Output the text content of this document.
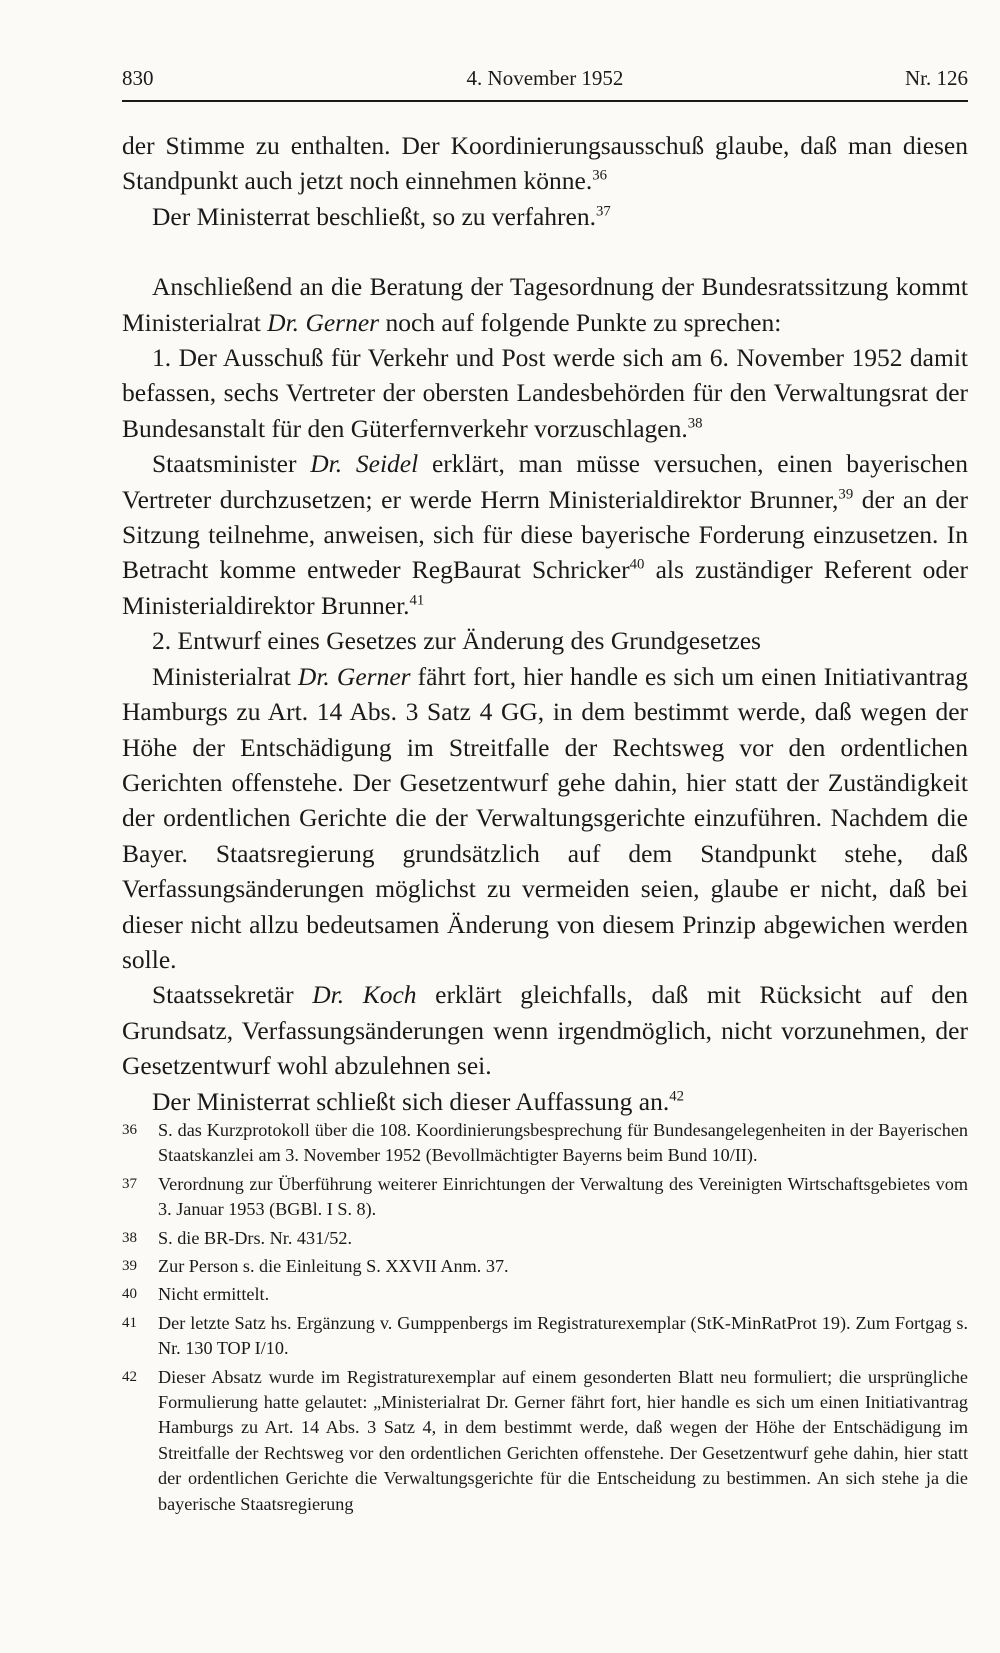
830	4. November 1952	Nr. 126

der Stimme zu enthalten. Der Koordinierungsausschuß glaube, daß man diesen Standpunkt auch jetzt noch einnehmen könne.$^{36}$

Der Ministerrat beschließt, so zu verfahren.$^{37}$

Anschließend an die Beratung der Tagesordnung der Bundesratssitzung kommt Ministerialrat Dr. Gerner noch auf folgende Punkte zu sprechen:

1. Der Ausschuß für Verkehr und Post werde sich am 6. November 1952 damit befassen, sechs Vertreter der obersten Landesbehörden für den Verwaltungsrat der Bundesanstalt für den Güterfernverkehr vorzuschlagen.$^{38}$

Staatsminister Dr. Seidel erklärt, man müsse versuchen, einen bayerischen Vertreter durchzusetzen; er werde Herrn Ministerialdirektor Brunner,$^{39}$ der an der Sitzung teilnehme, anweisen, sich für diese bayerische Forderung einzusetzen. In Betracht komme entweder RegBaurat Schricker$^{40}$ als zuständiger Referent oder Ministerialdirektor Brunner.$^{41}$

2. Entwurf eines Gesetzes zur Änderung des Grundgesetzes

Ministerialrat Dr. Gerner fährt fort, hier handle es sich um einen Initiativantrag Hamburgs zu Art. 14 Abs. 3 Satz 4 GG, in dem bestimmt werde, daß wegen der Höhe der Entschädigung im Streitfalle der Rechtsweg vor den ordentlichen Gerichten offenstehe. Der Gesetzentwurf gehe dahin, hier statt der Zuständigkeit der ordentlichen Gerichte die der Verwaltungsgerichte einzuführen. Nachdem die Bayer. Staatsregierung grundsätzlich auf dem Standpunkt stehe, daß Verfassungsänderungen möglichst zu vermeiden seien, glaube er nicht, daß bei dieser nicht allzu bedeutsamen Änderung von diesem Prinzip abgewichen werden solle.

Staatssekretär Dr. Koch erklärt gleichfalls, daß mit Rücksicht auf den Grundsatz, Verfassungsänderungen wenn irgendmöglich, nicht vorzunehmen, der Gesetzentwurf wohl abzulehnen sei.

Der Ministerrat schließt sich dieser Auffassung an.$^{42}$

36 S. das Kurzprotokoll über die 108. Koordinierungsbesprechung für Bundesangelegenheiten in der Bayerischen Staatskanzlei am 3. November 1952 (Bevollmächtigter Bayerns beim Bund 10/II).
37 Verordnung zur Überführung weiterer Einrichtungen der Verwaltung des Vereinigten Wirtschaftsgebietes vom 3. Januar 1953 (BGBl. I S. 8).
38 S. die BR-Drs. Nr. 431/52.
39 Zur Person s. die Einleitung S. XXVII Anm. 37.
40 Nicht ermittelt.
41 Der letzte Satz hs. Ergänzung v. Gumppenbergs im Registraturexemplar (StK-MinRatProt 19). Zum Fortgag s. Nr. 130 TOP I/10.
42 Dieser Absatz wurde im Registraturexemplar auf einem gesonderten Blatt neu formuliert; die ursprüngliche Formulierung hatte gelautet: „Ministerialrat Dr. Gerner fährt fort, hier handle es sich um einen Initiativantrag Hamburgs zu Art. 14 Abs. 3 Satz 4, in dem bestimmt werde, daß wegen der Höhe der Entschädigung im Streitfalle der Rechtsweg vor den ordentlichen Gerichten offenstehe. Der Gesetzentwurf gehe dahin, hier statt der ordentlichen Gerichte die Verwaltungsgerichte für die Entscheidung zu bestimmen. An sich stehe ja die bayerische Staatsregierung
